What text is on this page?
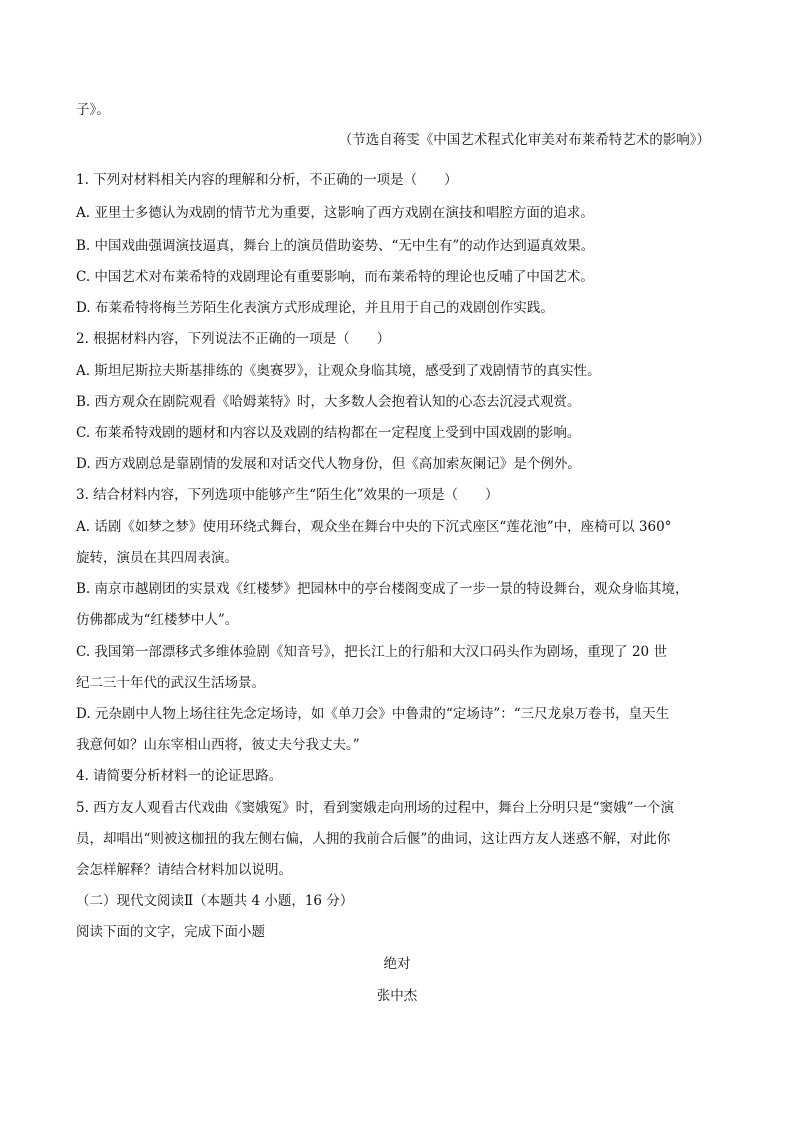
子》。
（节选自蒋雯《中国艺术程式化审美对布莱希特艺术的影响》）
1. 下列对材料相关内容的理解和分析，不正确的一项是（　　）
A. 亚里士多德认为戏剧的情节尤为重要，这影响了西方戏剧在演技和唱腔方面的追求。
B. 中国戏曲强调演技逼真，舞台上的演员借助姿势、“无中生有”的动作达到逼真效果。
C. 中国艺术对布莱希特的戏剧理论有重要影响，而布莱希特的理论也反哺了中国艺术。
D. 布莱希特将梅兰芳陌生化表演方式形成理论，并且用于自己的戏剧创作实践。
2. 根据材料内容，下列说法不正确的一项是（　　）
A. 斯坦尼斯拉夫斯基排练的《奥赛罗》，让观众身临其境，感受到了戏剧情节的真实性。
B. 西方观众在剧院观看《哈姆莱特》时，大多数人会抱着认知的心态去沉浸式观赏。
C. 布莱希特戏剧的题材和内容以及戏剧的结构都在一定程度上受到中国戏剧的影响。
D. 西方戏剧总是靠剧情的发展和对话交代人物身份，但《高加索灰阑记》是个例外。
3. 结合材料内容，下列选项中能够产生“陌生化”效果的一项是（　　）
A. 话剧《如梦之梦》使用环绕式舞台，观众坐在舞台中央的下沉式座区“莲花池”中，座椅可以 360°
旋转，演员在其四周表演。
B. 南京市越剧团的实景戏《红楼梦》把园林中的亭台楼阁变成了一步一景的特设舞台，观众身临其境，
仿佛都成为“红楼梦中人”。
C. 我国第一部漂移式多维体验剧《知音号》，把长江上的行船和大汉口码头作为剧场，重现了 20 世
纪二三十年代的武汉生活场景。
D. 元杂剧中人物上场往往先念定场诗，如《单刀会》中鲁肃的“定场诗”：“三尺龙泉万卷书，皇天生
我意何如？山东宰相山西将，彼丈夫兮我丈夫。”
4. 请简要分析材料一的论证思路。
5. 西方友人观看古代戏曲《窦娥冤》时，看到窦娥走向刑场的过程中，舞台上分明只是“窦娥”一个演
员，却唱出“则被这枷扭的我左侧右偏，人拥的我前合后偃”的曲词，这让西方友人迷惑不解，对此你
会怎样解释？请结合材料加以说明。
（二）现代文阅读Ⅱ（本题共 4 小题，16 分）
阅读下面的文字，完成下面小题
绝对
张中杰
